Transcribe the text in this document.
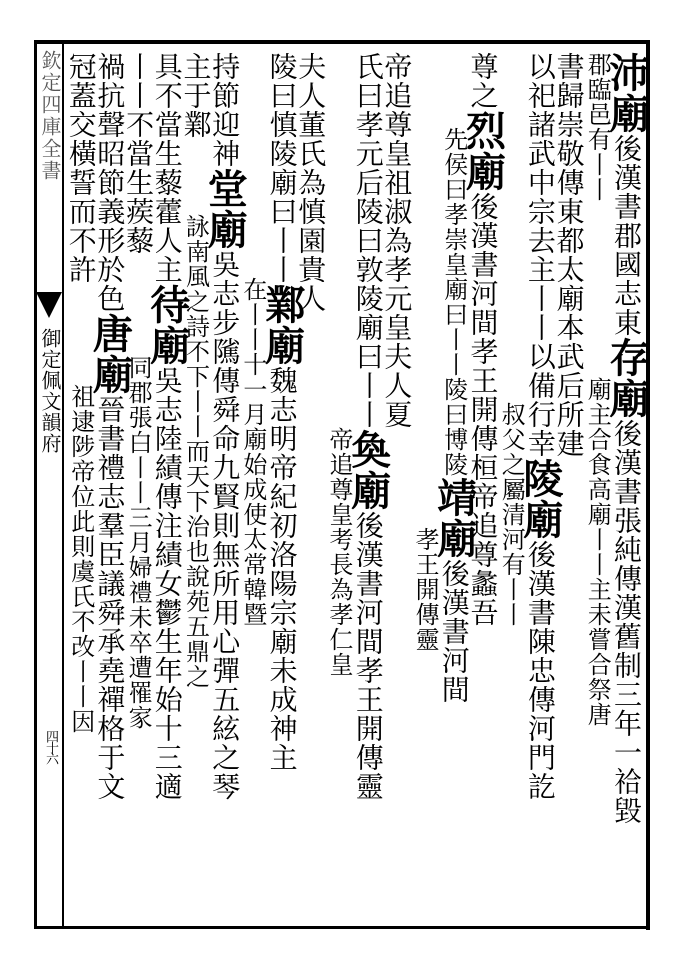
欽定四庫全書
御定佩文韻府
四十六
沛廟後漢書郡國志東存廟後漢書張純傳漢舊制三年一祫毀
郡臨邑有丨丨　　　　　　　廟主合食高廟丨丨主未嘗合祭唐
書歸崇敬傳東都太廟本武后所建
以祀諸武中宗去主丨丨以備行幸陵廟後漢書陳忠傳河門訖
　　　　　　　　　　　　　　叔父之屬清河有丨丨
尊之烈廟後漢書河間孝王開傳桓帝追尊蠡吾
　　　先侯曰孝崇皇廟曰丨丨陵曰博陵靖廟後漢書河間
　　　　　　　　　　　　　　　　　　　孝王開傳靈
帝追尊皇祖淑為孝元皇夫人夏
氏曰孝元后陵曰敦陵廟曰丨丨奐廟後漢書河間孝王開傳靈
　　　　　　　　　　　　　　　帝追尊皇考長為孝仁皇
夫人董氏為慎園貴人
陵曰慎陵廟曰丨丨鄴廟魏志明帝紀初洛陽宗廟未成神主
　　　　　　　　　在丨丨十一月廟始成使太常韓暨
持節迎神堂廟吳志步隲傳舜命九賢則無所用心彈五絃之琴
主于鄴　　　詠南風之詩不下丨丨而天下治也說苑五鼎之
具不當生藜藿人主待廟吳志陸績傳注績女鬱生年始十三適
丨丨不當生蒺藜　　　　同郡張白丨丨三月婦禮未卒遭罹家
禍抗聲昭節義形於色唐廟晉書禮志羣臣議舜承堯禪格于文
冠蓋交橫誓而不許　　　　祖逮陟帝位此則虞氏不改丨丨因
